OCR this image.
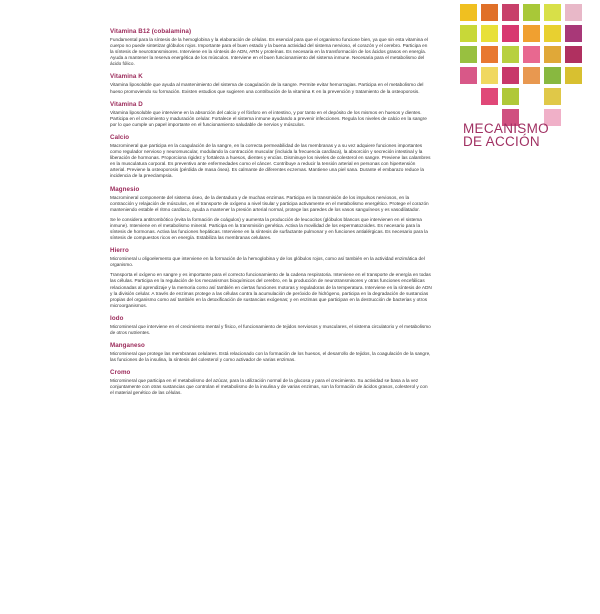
Vitamina B12 (cobalamina)

Fundamental para la síntesis de la hemoglobina y la elaboración de células. Es esencial para que el organismo funcione bien, ya que sin esta vitamina el cuerpo no puede sintetizar glóbulos rojos. Importante para el buen estado y la buena actividad del sistema nervioso, el corazón y el cerebro. Participa en la síntesis de neurotransmisores. Interviene en la síntesis de ADN, ARN y proteínas. Es necesaria en la transformación de los ácidos grasos en energía. Ayuda a mantener la reserva energética de los músculos. Interviene en el buen funcionamiento del sistema inmune. Necesaria para el metabolismo del ácido fólico.

Vitamina K

Vitamina liposoluble que ayuda al mantenimiento del sistema de coagulación de la sangre. Permite evitar hemorragias. Participa en el metabolismo del hueso promoviendo su formación. Existen estudios que sugieren una contribución de la vitamina K en la prevención y tratamiento de la osteoporosis.

Vitamina D

Vitamina liposoluble que interviene en la absorción del calcio y el fósforo en el intestino, y por tanto en el depósito de los mismos en huesos y dientes. Participa en el crecimiento y maduración celular. Fortalece el sistema inmune ayudando a prevenir infecciones. Regula los niveles de calcio en la sangre por lo que cumple un papel importante en el funcionamiento saludable de nervios y músculos.

Calcio

Macromineral que participa en la coagulación de la sangre, en la correcta permeabilidad de las membranas y a su vez adquiere funciones importantes como regulador nervioso y neuromuscular, modulando la contracción muscular (incluida la frecuencia cardíaca), la absorción y secreción intestinal y la liberación de hormonas. Proporciona rigidez y fortaleza a huesos, dientes y encías. Disminuye los niveles de colesterol en sangre. Previene las calambres en la musculatura corporal. Es preventivo ante enfermedades como el cáncer. Contribuye a reducir la tensión arterial en personas con hipertensión arterial. Previene la osteoporosis (pérdida de masa ósea). Es calmante de diferentes eczemas. Mantiene una piel sana. Durante el embarazo reduce la incidencia de la preeclampsia.

Magnesio

Macromineral componente del sistema óseo, de la dentadura y de muchas enzimas. Participa en la transmisión de los impulsos nerviosos, en la contracción y relajación de músculos, en el transporte de oxígeno a nivel tisular y participa activamente en el metabolismo energético. Protege el corazón manteniendo estable el ritmo cardíaco, ayuda a mantener la presión arterial normal, protege las paredes de los vasos sanguíneos y es vasodilatador.

Se le considera antitrombótico (evita la formación de coágulos) y aumenta la producción de leucocitos (glóbulos blancos que intervienen en el sistema inmune). Interviene en el metabolismo mineral. Participa en la transmisión genética. Activa la movilidad de los espermatozoides. Es necesario para la síntesis de hormonas. Activa las funciones hepáticas. Interviene en la síntesis de surfactante pulmonar y en funciones antialérgicas. Es necesario para la síntesis de compuestos ricos en energía. Estabiliza las membranas celulares.

Hierro

Micromineral u oligoelemento que interviene en la formación de la hemoglobina y de los glóbulos rojos, como así también en la actividad enzimática del organismo.

Transporta el oxígeno en sangre y es importante para el correcto funcionamiento de la cadena respiratoria. Interviene en el transporte de energía en todas las células. Participa en la regulación de los mecanismos bioquímicos del cerebro, en la producción de neurotransmisores y otras funciones encefálicas relacionadas al aprendizaje y la memoria como así también en ciertas funciones motoras y reguladoras de la temperatura. Interviene en la síntesis de ADN y la división celular. A través de enzimas protege a las células contra la acumulación de peróxido de hidrógeno, participa en la degradación de sustancias propias del organismo como así también en la detoxificación de sustancias exógenas; y en enzimas que participan en la destrucción de bacterias y otros microorganismos.

Iodo

Micromineral que interviene en el crecimiento mental y físico, el funcionamiento de tejidos nerviosos y musculares, el sistema circulatorio y el metabolismo de otros nutrientes.

Manganeso

Micromineral que protege las membranas celulares. Está relacionado con la formación de los huesos, el desarrollo de tejidos, la coagulación de la sangre, las funciones de la insulina, la síntesis del colesterol y como activador de varias enzimas.

Cromo

Micromineral que participa en el metabolismo del azúcar, para la utilización normal de la glucosa y para el crecimiento. Su actividad se basa a la vez conjuntamente con otras sustancias que controlan el metabolismo de la insulina y de varias enzimas, son la formación de ácidos grasos, colesterol y con el material genético de las células.

MECANISMO
DE ACCIÓN
